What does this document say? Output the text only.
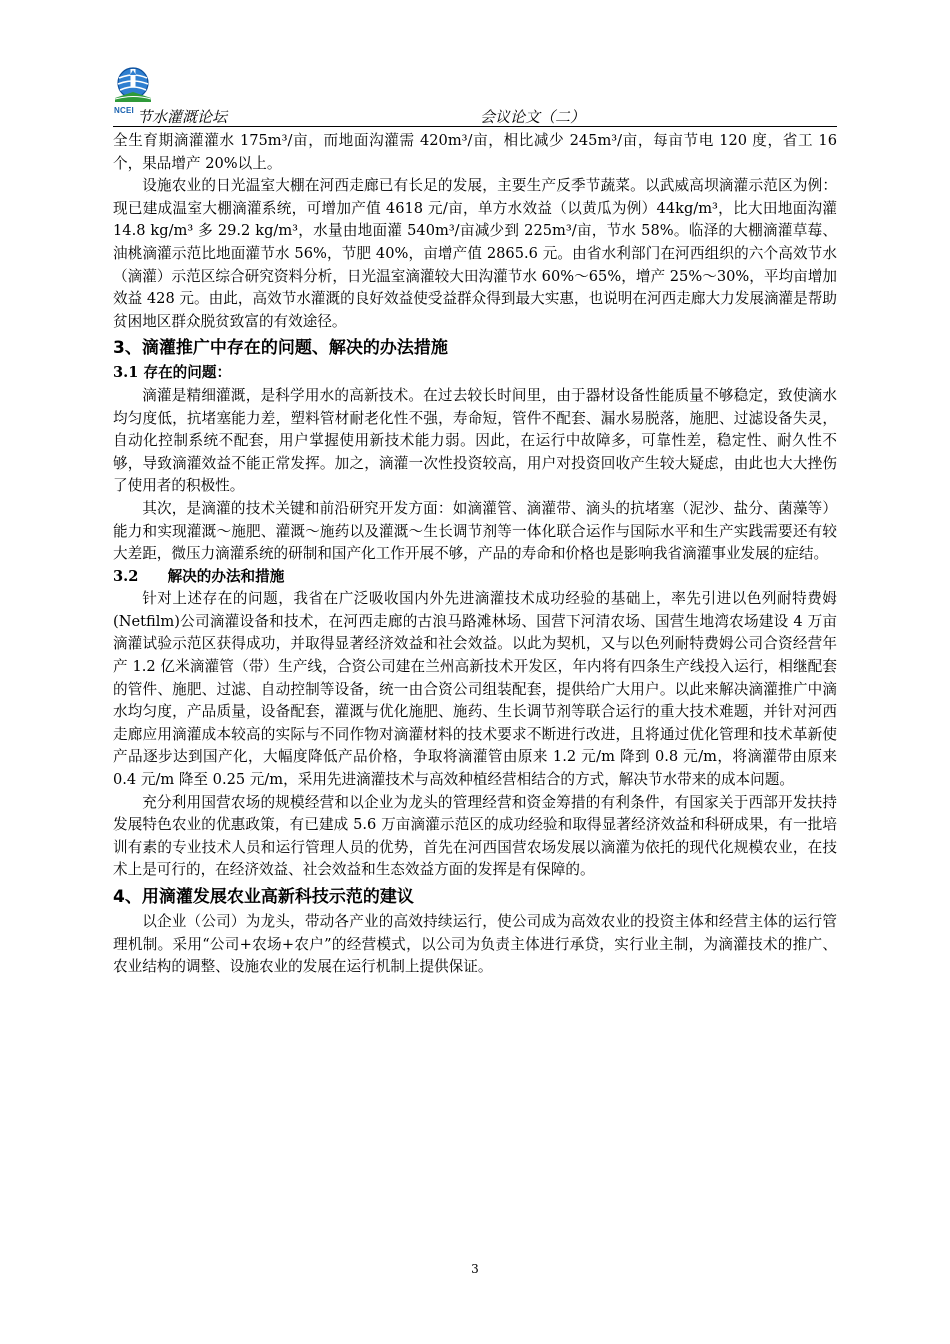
NCEI 节水灌溉论坛	会议论文（二）

全生育期滴灌灌水 175m³/亩，而地面沟灌需 420m³/亩，相比减少 245m³/亩，每亩节电 120 度，省工 16 个，果品增产 20%以上。

设施农业的日光温室大棚在河西走廊已有长足的发展，主要生产反季节蔬菜。以武威高坝滴灌示范区为例：现已建成温室大棚滴灌系统，可增加产值 4618 元/亩，单方水效益（以黄瓜为例）44kg/m³，比大田地面沟灌 14.8 kg/m³ 多 29.2 kg/m³，水量由地面灌 540m³/亩减少到 225m³/亩，节水 58%。临泽的大棚滴灌草莓、油桃滴灌示范比地面灌节水 56%，节肥 40%，亩增产值 2865.6 元。由省水利部门在河西组织的六个高效节水（滴灌）示范区综合研究资料分析，日光温室滴灌较大田沟灌节水 60%～65%，增产 25%～30%，平均亩增加效益 428 元。由此，高效节水灌溉的良好效益使受益群众得到最大实惠，也说明在河西走廊大力发展滴灌是帮助贫困地区群众脱贫致富的有效途径。

3、滴灌推广中存在的问题、解决的办法措施
3.1 存在的问题：

滴灌是精细灌溉，是科学用水的高新技术。在过去较长时间里，由于器材设备性能质量不够稳定，致使滴水均匀度低，抗堵塞能力差，塑料管材耐老化性不强，寿命短，管件不配套、漏水易脱落，施肥、过滤设备失灵，自动化控制系统不配套，用户掌握使用新技术能力弱。因此，在运行中故障多，可靠性差，稳定性、耐久性不够，导致滴灌效益不能正常发挥。加之，滴灌一次性投资较高，用户对投资回收产生较大疑虑，由此也大大挫伤了使用者的积极性。

其次，是滴灌的技术关键和前沿研究开发方面：如滴灌管、滴灌带、滴头的抗堵塞（泥沙、盐分、菌藻等）能力和实现灌溉～施肥、灌溉～施药以及灌溉～生长调节剂等一体化联合运作与国际水平和生产实践需要还有较大差距，微压力滴灌系统的研制和国产化工作开展不够，产品的寿命和价格也是影响我省滴灌事业发展的症结。

3.2　　解决的办法和措施

针对上述存在的问题，我省在广泛吸收国内外先进滴灌技术成功经验的基础上，率先引进以色列耐特费姆(Netfilm)公司滴灌设备和技术，在河西走廊的古浪马路滩林场、国营下河清农场、国营生地湾农场建设 4 万亩滴灌试验示范区获得成功，并取得显著经济效益和社会效益。以此为契机，又与以色列耐特费姆公司合资经营年产 1.2 亿米滴灌管（带）生产线，合资公司建在兰州高新技术开发区，年内将有四条生产线投入运行，相继配套的管件、施肥、过滤、自动控制等设备，统一由合资公司组装配套，提供给广大用户。以此来解决滴灌推广中滴水均匀度，产品质量，设备配套，灌溉与优化施肥、施药、生长调节剂等联合运行的重大技术难题，并针对河西走廊应用滴灌成本较高的实际与不同作物对滴灌材料的技术要求不断进行改进，且将通过优化管理和技术革新使产品逐步达到国产化，大幅度降低产品价格，争取将滴灌管由原来 1.2 元/m 降到 0.8 元/m，将滴灌带由原来 0.4 元/m 降至 0.25 元/m，采用先进滴灌技术与高效种植经营相结合的方式，解决节水带来的成本问题。

充分利用国营农场的规模经营和以企业为龙头的管理经营和资金筹措的有利条件，有国家关于西部开发扶持发展特色农业的优惠政策，有已建成 5.6 万亩滴灌示范区的成功经验和取得显著经济效益和科研成果，有一批培训有素的专业技术人员和运行管理人员的优势，首先在河西国营农场发展以滴灌为依托的现代化规模农业，在技术上是可行的，在经济效益、社会效益和生态效益方面的发挥是有保障的。

4、用滴灌发展农业高新科技示范的建议

以企业（公司）为龙头，带动各产业的高效持续运行，使公司成为高效农业的投资主体和经营主体的运行管理机制。采用“公司+农场+农户”的经营模式，以公司为负责主体进行承贷，实行业主制，为滴灌技术的推广、农业结构的调整、设施农业的发展在运行机制上提供保证。

3
